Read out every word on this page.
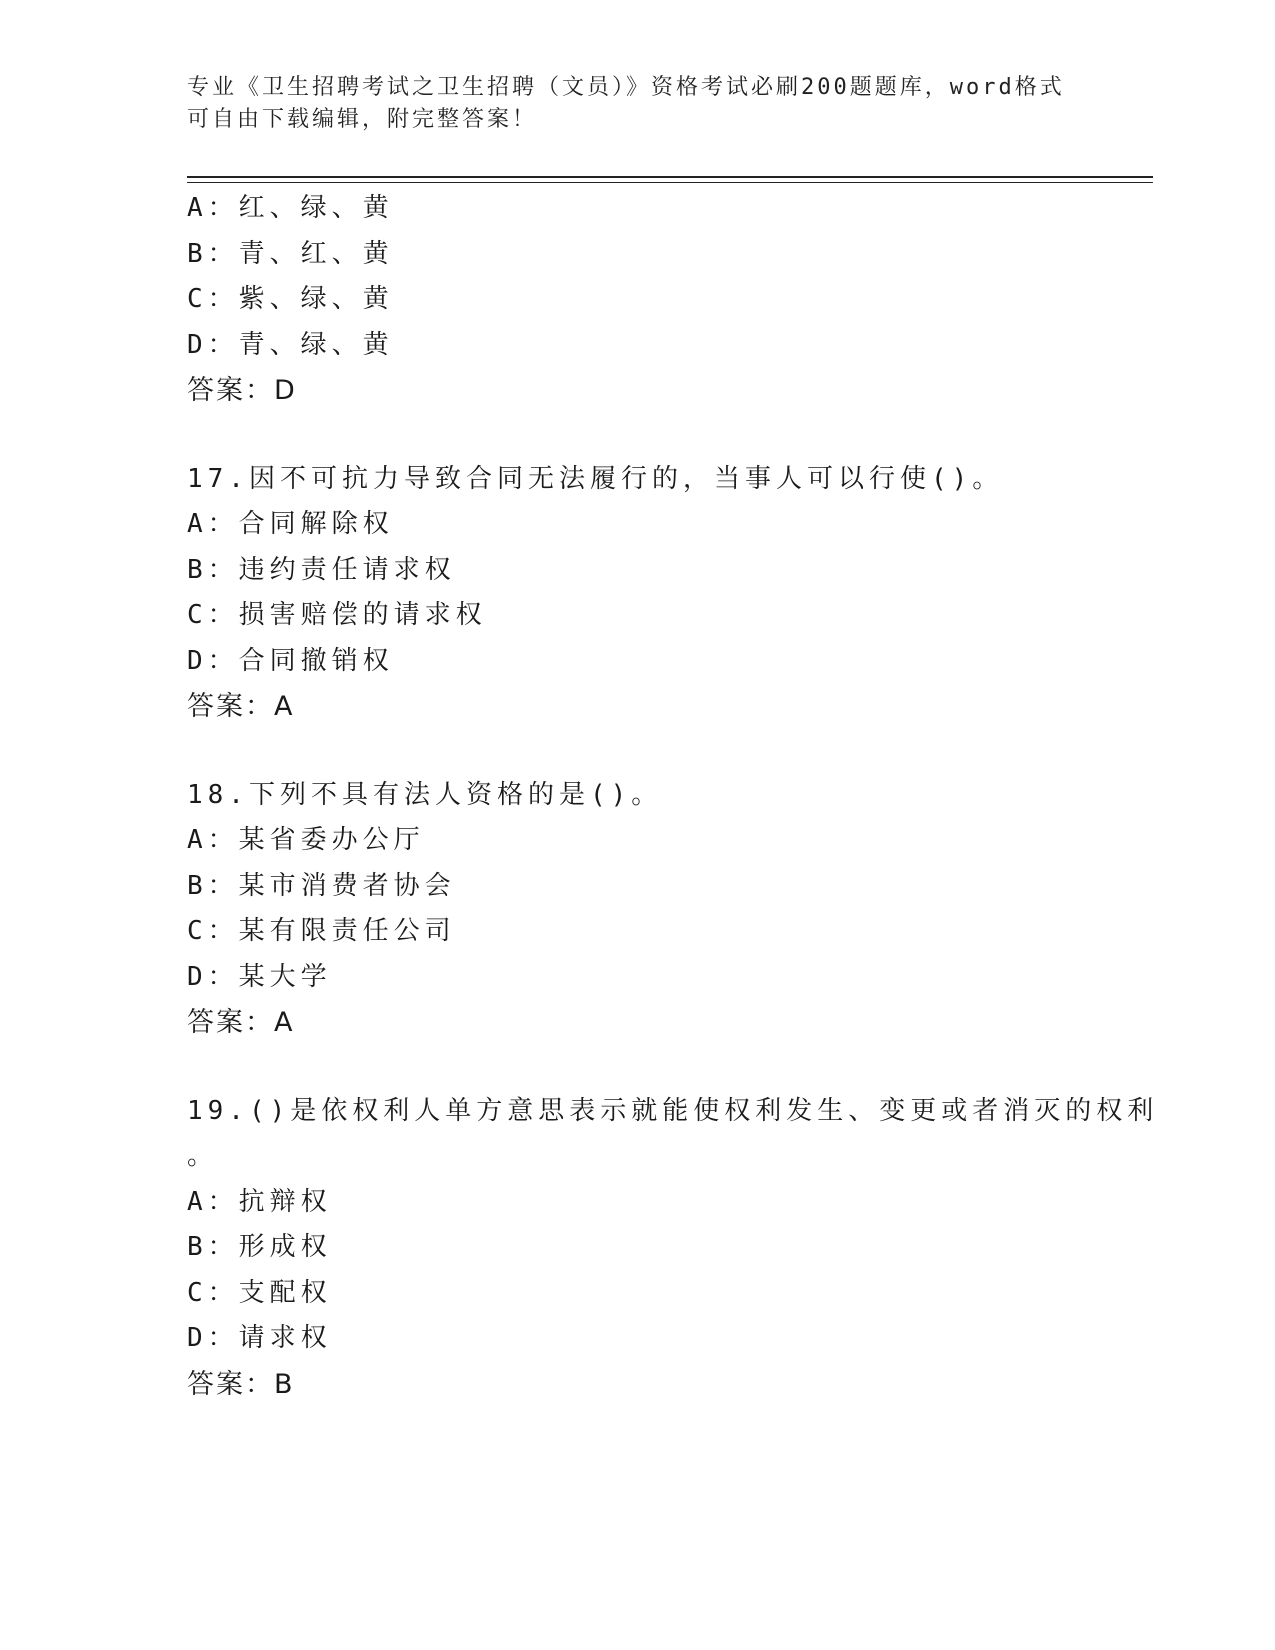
专业《卫生招聘考试之卫生招聘（文员）》资格考试必刷200题题库，word格式
可自由下载编辑，附完整答案！
A：红、绿、黄
B：青、红、黄
C：紫、绿、黄
D：青、绿、黄
答案：D
17.因不可抗力导致合同无法履行的，当事人可以行使()。
A：合同解除权
B：违约责任请求权
C：损害赔偿的请求权
D：合同撤销权
答案：A
18.下列不具有法人资格的是()。
A：某省委办公厅
B：某市消费者协会
C：某有限责任公司
D：某大学
答案：A
19.()是依权利人单方意思表示就能使权利发生、变更或者消灭的权利
。
A：抗辩权
B：形成权
C：支配权
D：请求权
答案：B
